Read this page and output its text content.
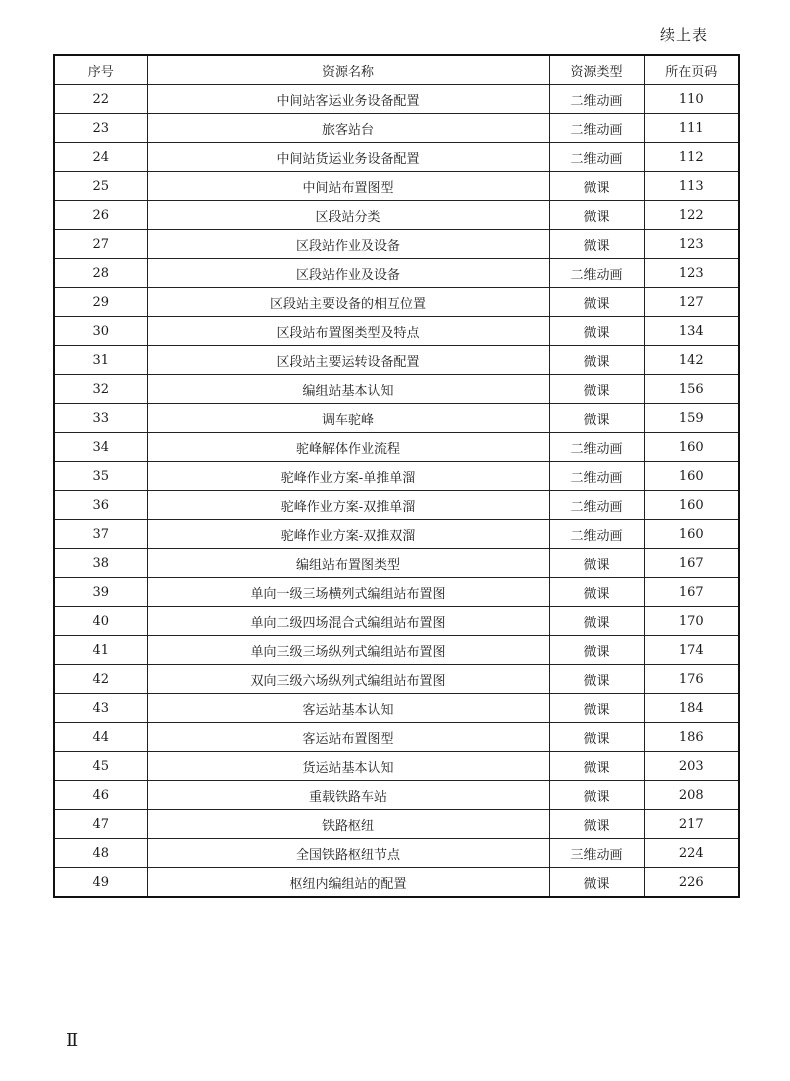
续上表
序号	资源名称	资源类型	所在页码
22	中间站客运业务设备配置	二维动画	110
23	旅客站台	二维动画	111
24	中间站货运业务设备配置	二维动画	112
25	中间站布置图型	微课	113
26	区段站分类	微课	122
27	区段站作业及设备	微课	123
28	区段站作业及设备	二维动画	123
29	区段站主要设备的相互位置	微课	127
30	区段站布置图类型及特点	微课	134
31	区段站主要运转设备配置	微课	142
32	编组站基本认知	微课	156
33	调车驼峰	微课	159
34	驼峰解体作业流程	二维动画	160
35	驼峰作业方案-单推单溜	二维动画	160
36	驼峰作业方案-双推单溜	二维动画	160
37	驼峰作业方案-双推双溜	二维动画	160
38	编组站布置图类型	微课	167
39	单向一级三场横列式编组站布置图	微课	167
40	单向二级四场混合式编组站布置图	微课	170
41	单向三级三场纵列式编组站布置图	微课	174
42	双向三级六场纵列式编组站布置图	微课	176
43	客运站基本认知	微课	184
44	客运站布置图型	微课	186
45	货运站基本认知	微课	203
46	重载铁路车站	微课	208
47	铁路枢纽	微课	217
48	全国铁路枢纽节点	三维动画	224
49	枢纽内编组站的配置	微课	226
Ⅱ
